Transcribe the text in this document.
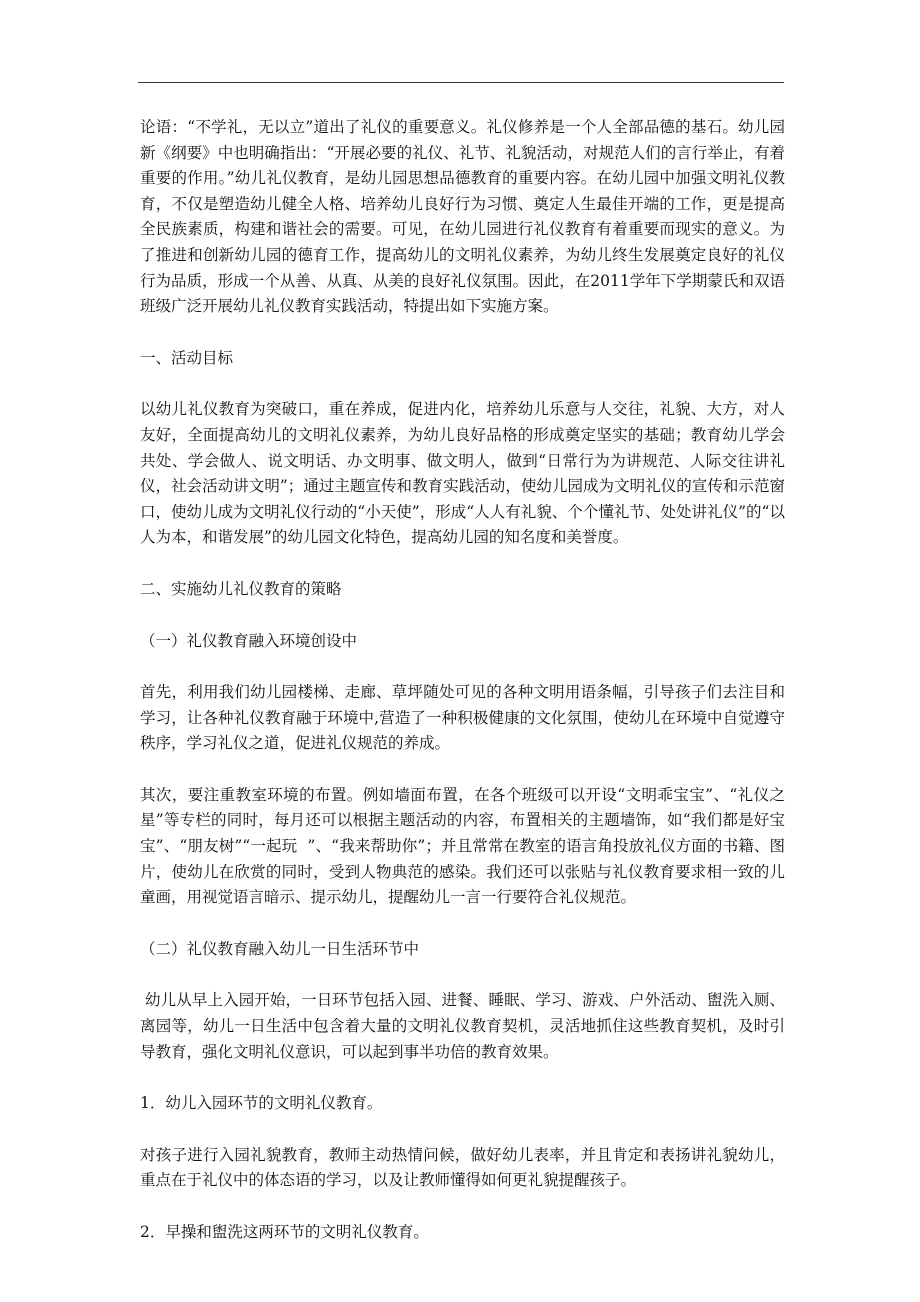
论语：“不学礼，无以立”道出了礼仪的重要意义。礼仪修养是一个人全部品德的基石。幼儿园新《纲要》中也明确指出：“开展必要的礼仪、礼节、礼貌活动，对规范人们的言行举止，有着重要的作用。”幼儿礼仪教育，是幼儿园思想品德教育的重要内容。在幼儿园中加强文明礼仪教育，不仅是塑造幼儿健全人格、培养幼儿良好行为习惯、奠定人生最佳开端的工作，更是提高全民族素质，构建和谐社会的需要。可见，在幼儿园进行礼仪教育有着重要而现实的意义。为了推进和创新幼儿园的德育工作，提高幼儿的文明礼仪素养，为幼儿终生发展奠定良好的礼仪行为品质，形成一个从善、从真、从美的良好礼仪氛围。因此，在2011学年下学期蒙氏和双语班级广泛开展幼儿礼仪教育实践活动，特提出如下实施方案。

一、活动目标

以幼儿礼仪教育为突破口，重在养成，促进内化，培养幼儿乐意与人交往，礼貌、大方，对人友好，全面提高幼儿的文明礼仪素养，为幼儿良好品格的形成奠定坚实的基础；教育幼儿学会共处、学会做人、说文明话、办文明事、做文明人，做到“日常行为为讲规范、人际交往讲礼仪，社会活动讲文明”；通过主题宣传和教育实践活动，使幼儿园成为文明礼仪的宣传和示范窗口，使幼儿成为文明礼仪行动的“小天使”，形成“人人有礼貌、个个懂礼节、处处讲礼仪”的“以人为本，和谐发展”的幼儿园文化特色，提高幼儿园的知名度和美誉度。

二、实施幼儿礼仪教育的策略

（一）礼仪教育融入环境创设中

首先，利用我们幼儿园楼梯、走廊、草坪随处可见的各种文明用语条幅，引导孩子们去注目和学习，让各种礼仪教育融于环境中,营造了一种积极健康的文化氛围，使幼儿在环境中自觉遵守秩序，学习礼仪之道，促进礼仪规范的养成。

其次，要注重教室环境的布置。例如墙面布置，在各个班级可以开设“文明乖宝宝”、“礼仪之星”等专栏的同时，每月还可以根据主题活动的内容，布置相关的主题墙饰，如“我们都是好宝宝”、“朋友树”“一起玩  ”、“我来帮助你”；并且常常在教室的语言角投放礼仪方面的书籍、图片，使幼儿在欣赏的同时，受到人物典范的感染。我们还可以张贴与礼仪教育要求相一致的儿童画，用视觉语言暗示、提示幼儿，提醒幼儿一言一行要符合礼仪规范。

（二）礼仪教育融入幼儿一日生活环节中

幼儿从早上入园开始，一日环节包括入园、进餐、睡眠、学习、游戏、户外活动、盥洗入厕、离园等，幼儿一日生活中包含着大量的文明礼仪教育契机，灵活地抓住这些教育契机，及时引导教育，强化文明礼仪意识，可以起到事半功倍的教育效果。

1．幼儿入园环节的文明礼仪教育。

对孩子进行入园礼貌教育，教师主动热情问候，做好幼儿表率，并且肯定和表扬讲礼貌幼儿，重点在于礼仪中的体态语的学习，以及让教师懂得如何更礼貌提醒孩子。

2．早操和盥洗这两环节的文明礼仪教育。
